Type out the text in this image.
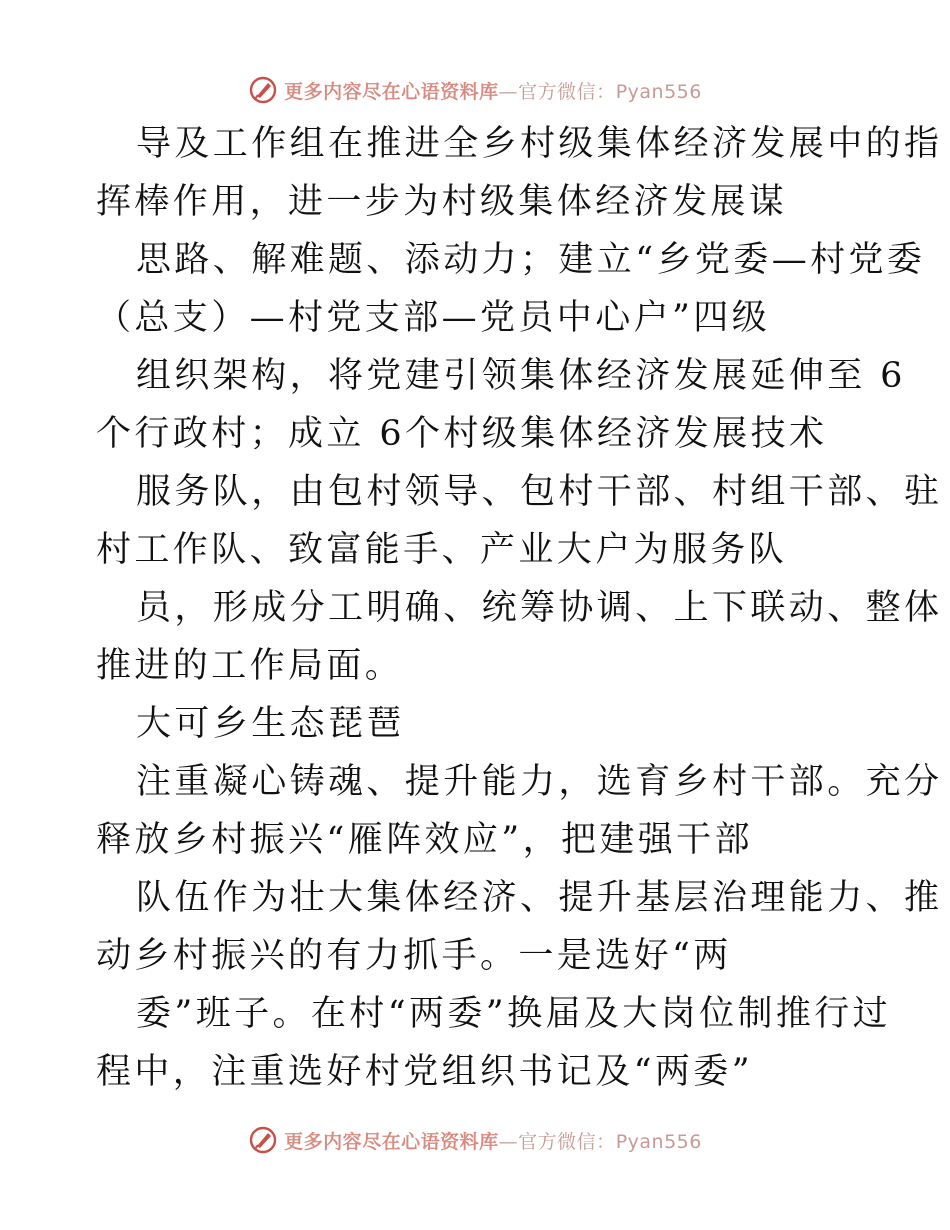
更多内容尽在心语资料库—官方微信：Pyan556
导及工作组在推进全乡村级集体经济发展中的指
挥棒作用，进一步为村级集体经济发展谋
思路、解难题、添动力；建立“乡党委—村党委
（总支）—村党支部—党员中心户”四级
组织架构，将党建引领集体经济发展延伸至 6
个行政村；成立 6个村级集体经济发展技术
服务队，由包村领导、包村干部、村组干部、驻
村工作队、致富能手、产业大户为服务队
员，形成分工明确、统筹协调、上下联动、整体
推进的工作局面。
大可乡生态琵琶
注重凝心铸魂、提升能力，选育乡村干部。充分
释放乡村振兴“雁阵效应”，把建强干部
队伍作为壮大集体经济、提升基层治理能力、推
动乡村振兴的有力抓手。一是选好“两
委”班子。在村“两委”换届及大岗位制推行过
程中，注重选好村党组织书记及“两委”
更多内容尽在心语资料库—官方微信：Pyan556
